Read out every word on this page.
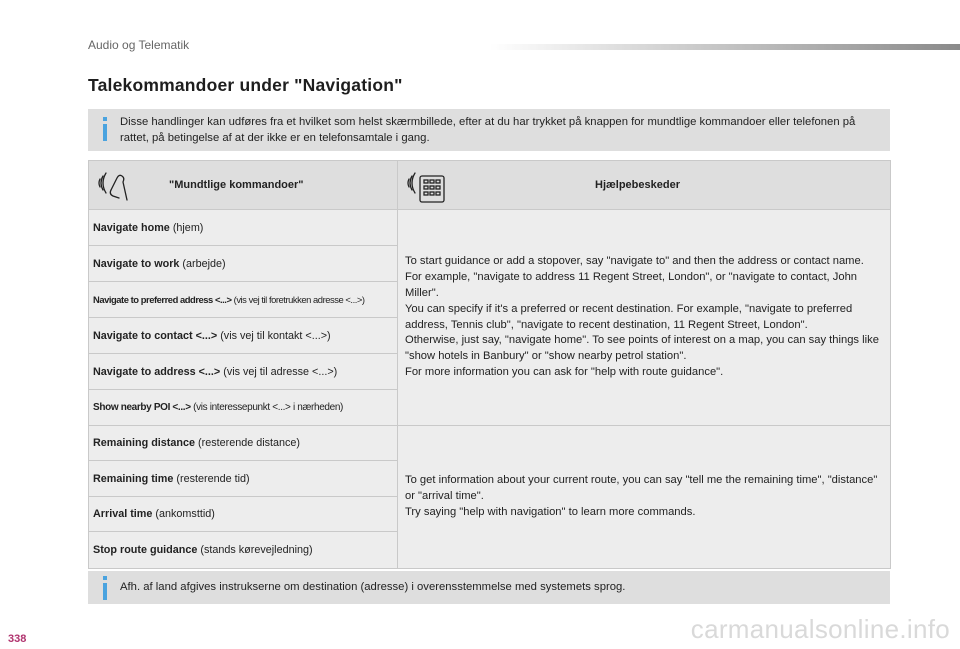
Audio og Telematik
Talekommandoer under "Navigation"
Disse handlinger kan udføres fra et hvilket som helst skærmbillede, efter at du har trykket på knappen for mundtlige kommandoer eller telefonen på rattet, på betingelse af at der ikke er en telefonsamtale i gang.
"Mundtlige kommandoer"	Hjælpebeskeder

Navigate home (hjem)	To start guidance or add a stopover, say "navigate to" and then the address or contact name.
For example, "navigate to address 11 Regent Street, London", or "navigate to contact, John Miller".
You can specify if it's a preferred or recent destination. For example, "navigate to preferred address, Tennis club", "navigate to recent destination, 11 Regent Street, London".
Otherwise, just say, "navigate home". To see points of interest on a map, you can say things like "show hotels in Banbury" or "show nearby petrol station".
For more information you can ask for "help with route guidance".

Navigate to work (arbejde)	
Navigate to preferred address <...> (vis vej til foretrukken adresse <...>)	
Navigate to contact <...> (vis vej til kontakt <...>)	
Navigate to address <...> (vis vej til adresse <...>)	
Show nearby POI <...> (vis interessepunkt <...> i nærheden)	
Remaining distance (resterende distance)	To get information about your current route, you can say "tell me the remaining time", "distance" or "arrival time".
Try saying "help with navigation" to learn more commands.

Remaining time (resterende tid)	
Arrival time (ankomsttid)	
Stop route guidance (stands kørevejledning)	
Afh. af land afgives instrukserne om destination (adresse) i overensstemmelse med systemets sprog.
338	carmanualsonline.info
